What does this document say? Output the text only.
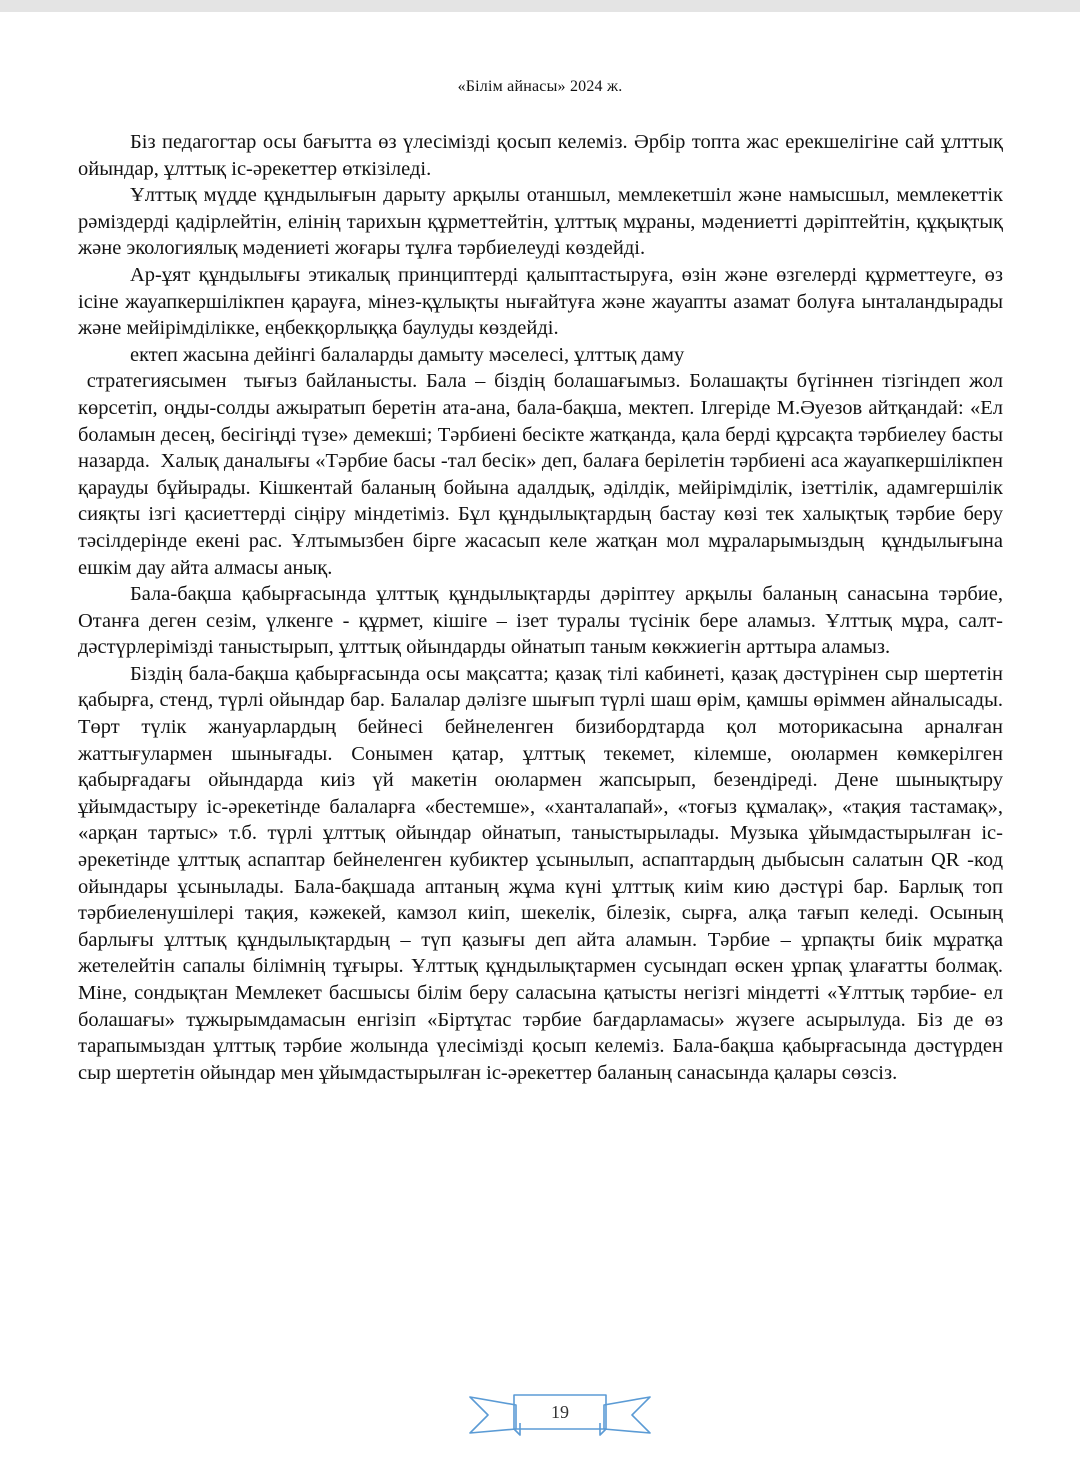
«Білім айнасы» 2024 ж.

Біз педагогтар осы бағытта өз үлесімізді қосып келеміз. Әрбір топта жас ерекшелігіне сай ұлттық ойындар, ұлттық іс-әрекеттер өткізіледі.

Ұлттық мүдде құндылығын дарыту арқылы отаншыл, мемлекетшіл және намысшыл, мемлекеттік рәміздерді қадірлейтін, елінің тарихын құрметтейтін, ұлттық мұраны, мәдениетті дәріптейтін, құқықтық және экологиялық мәдениеті жоғары тұлға тәрбиелеуді көздейді.

Ар-ұят құндылығы этикалық принциптерді қалыптастыруға, өзін және өзгелерді құрметтеуге, өз ісіне жауапкершілікпен қарауға, мінез-құлықты нығайтуға және жауапты азамат болуға ынталандырады және мейірімділікке, еңбекқорлыққа баулуды көздейді.

ектеп жасына дейінгі балаларды дамыту мәселесі, ұлттық даму

стратегиясымен  тығыз байланысты. Бала – біздің болашағымыз. Болашақты бүгіннен тізгіндеп жол көрсетіп, оңды-солды ажыратып беретін ата-ана, бала-бақша, мектеп. Ілгеріде М.Әуезов айтқандай: «Ел боламын десең, бесігіңді түзе» демекші; Тәрбиені бесікте жатқанда, қала берді құрсақта тәрбиелеу басты назарда.  Халық даналығы «Тәрбие басы -тал бесік» деп, балаға берілетін тәрбиені аса жауапкершілікпен қарауды бұйырады. Кішкентай баланың бойына адалдық, әділдік, мейірімділік, ізеттілік, адамгершілік сияқты ізгі қасиеттерді сіңіру міндетіміз. Бұл құндылықтардың бастау көзі тек халықтық тәрбие беру тәсілдерінде екені рас. Ұлтымызбен бірге жасасып келе жатқан мол мұраларымыздың  құндылығына ешкім дау айта алмасы анық.

Бала-бақша қабырғасында ұлттық құндылықтарды дәріптеу арқылы баланың санасына тәрбие, Отанға деген сезім, үлкенге - құрмет, кішіге – ізет туралы түсінік бере аламыз. Ұлттық мұра, салт-дәстүрлерімізді таныстырып, ұлттық ойындарды ойнатып таным көкжиегін арттыра аламыз.

Біздің бала-бақша қабырғасында осы мақсатта; қазақ тілі кабинеті, қазақ дәстүрінен сыр шертетін қабырға, стенд, түрлі ойындар бар. Балалар дәлізге шығып түрлі шаш өрім, қамшы өріммен айналысады. Төрт түлік жануарлардың бейнесі бейнеленген бизибордтарда қол моторикасына арналған жаттығулармен шынығады. Сонымен қатар, ұлттық текемет, кілемше, оюлармен көмкерілген қабырғадағы ойындарда киіз үй макетін оюлармен жапсырып, безендіреді. Дене шынықтыру ұйымдастыру іс-әрекетінде балаларға «бестемше», «ханталапай», «тоғыз құмалақ», «тақия тастамақ», «арқан тартыс» т.б. түрлі ұлттық ойындар ойнатып, таныстырылады. Музыка ұйымдастырылған іс-әрекетінде ұлттық аспаптар бейнеленген кубиктер ұсынылып, аспаптардың дыбысын салатын QR -код ойындары ұсынылады. Бала-бақшада аптаның жұма күні ұлттық киім кию дәстүрі бар. Барлық топ тәрбиеленушілері тақия, кәжекей, камзол киіп, шекелік, білезік, сырға, алқа тағып келеді. Осының барлығы ұлттық құндылықтардың – түп қазығы деп айта аламын. Тәрбие – ұрпақты биік мұратқа жетелейтін сапалы білімнің тұғыры. Ұлттық құндылықтармен сусындап өскен ұрпақ ұлағатты болмақ. Міне, сондықтан Мемлекет басшысы білім беру саласына қатысты негізгі міндетті «Ұлттық тәрбие- ел болашағы» тұжырымдамасын енгізіп «Біртұтас тәрбие бағдарламасы» жүзеге асырылуда. Біз де өз тарапымыздан ұлттық тәрбие жолында үлесімізді қосып келеміз. Бала-бақша қабырғасында дәстүрден сыр шертетін ойындар мен ұйымдастырылған іс-әрекеттер баланың санасында қалары сөзсіз.

19
